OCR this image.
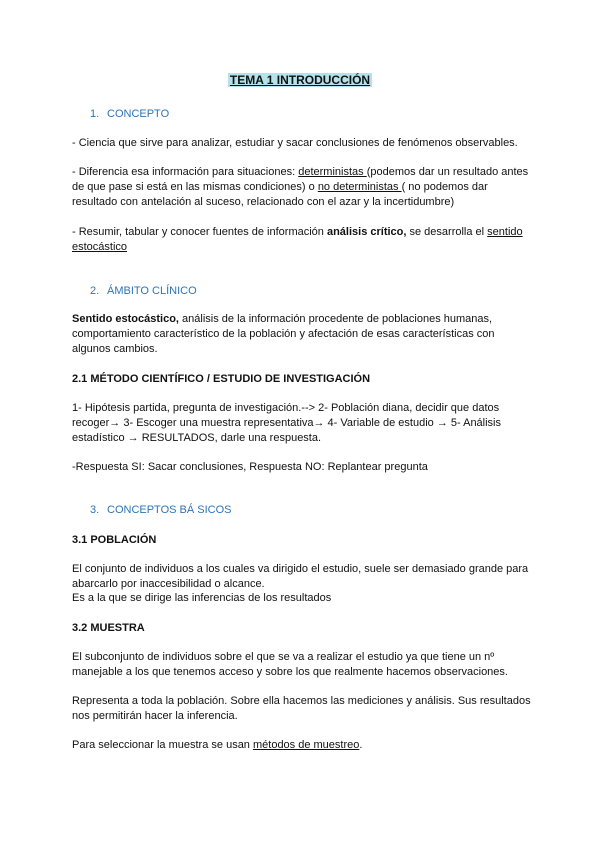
TEMA 1 INTRODUCCIÓN
1. CONCEPTO
- Ciencia que sirve para analizar, estudiar y sacar conclusiones de fenómenos observables.
- Diferencia esa información para situaciones: deterministas (podemos dar un resultado antes de que pase si está en las mismas condiciones) o no deterministas ( no podemos dar resultado con antelación al suceso, relacionado con el azar y la incertidumbre)
- Resumir, tabular y conocer fuentes de información análisis crítico, se desarrolla el sentido estocástico
2. ÁMBITO CLÍNICO
Sentido estocástico, análisis de la información procedente de poblaciones humanas, comportamiento característico de la población y afectación de esas características con algunos cambios.
2.1 MÉTODO CIENTÍFICO / ESTUDIO DE INVESTIGACIÓN
1- Hipótesis partida, pregunta de investigación.--> 2- Población diana, decidir que datos recoger→ 3- Escoger una muestra representativa→ 4- Variable de estudio → 5- Análisis estadístico → RESULTADOS, darle una respuesta.
-Respuesta SI: Sacar conclusiones, Respuesta NO: Replantear pregunta
3. CONCEPTOS BÁ SICOS
3.1 POBLACIÓN
El conjunto de individuos a los cuales va dirigido el estudio, suele ser demasiado grande para abarcarlo por inaccesibilidad o alcance.
Es a la que se dirige las inferencias de los resultados
3.2 MUESTRA
El subconjunto de individuos sobre el que se va a realizar el estudio ya que tiene un nº manejable a los que tenemos acceso y sobre los que realmente hacemos observaciones.
Representa a toda la población. Sobre ella hacemos las mediciones y análisis. Sus resultados nos permitirán hacer la inferencia.
Para seleccionar la muestra se usan métodos de muestreo.
